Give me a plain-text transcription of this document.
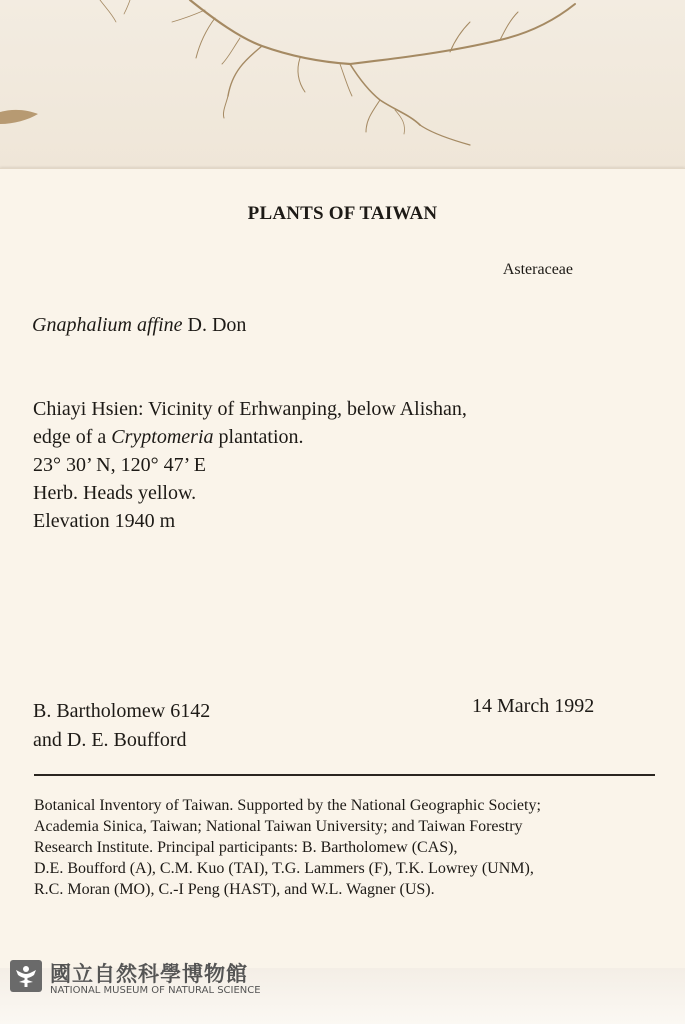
PLANTS OF TAIWAN
Asteraceae
Gnaphalium affine D. Don
Chiayi Hsien: Vicinity of Erhwanping, below Alishan,
edge of a Cryptomeria plantation.
23° 30’ N, 120° 47’ E
Herb. Heads yellow.
Elevation 1940 m
B. Bartholomew 6142
and D. E. Boufford
14 March 1992
Botanical Inventory of Taiwan. Supported by the National Geographic Society;
Academia Sinica, Taiwan; National Taiwan University; and Taiwan Forestry
Research Institute. Principal participants: B. Bartholomew (CAS),
D.E. Boufford (A), C.M. Kuo (TAI), T.G. Lammers (F), T.K. Lowrey (UNM),
R.C. Moran (MO), C.-I Peng (HAST), and W.L. Wagner (US).
國立自然科學博物館
NATIONAL MUSEUM OF NATURAL SCIENCE
